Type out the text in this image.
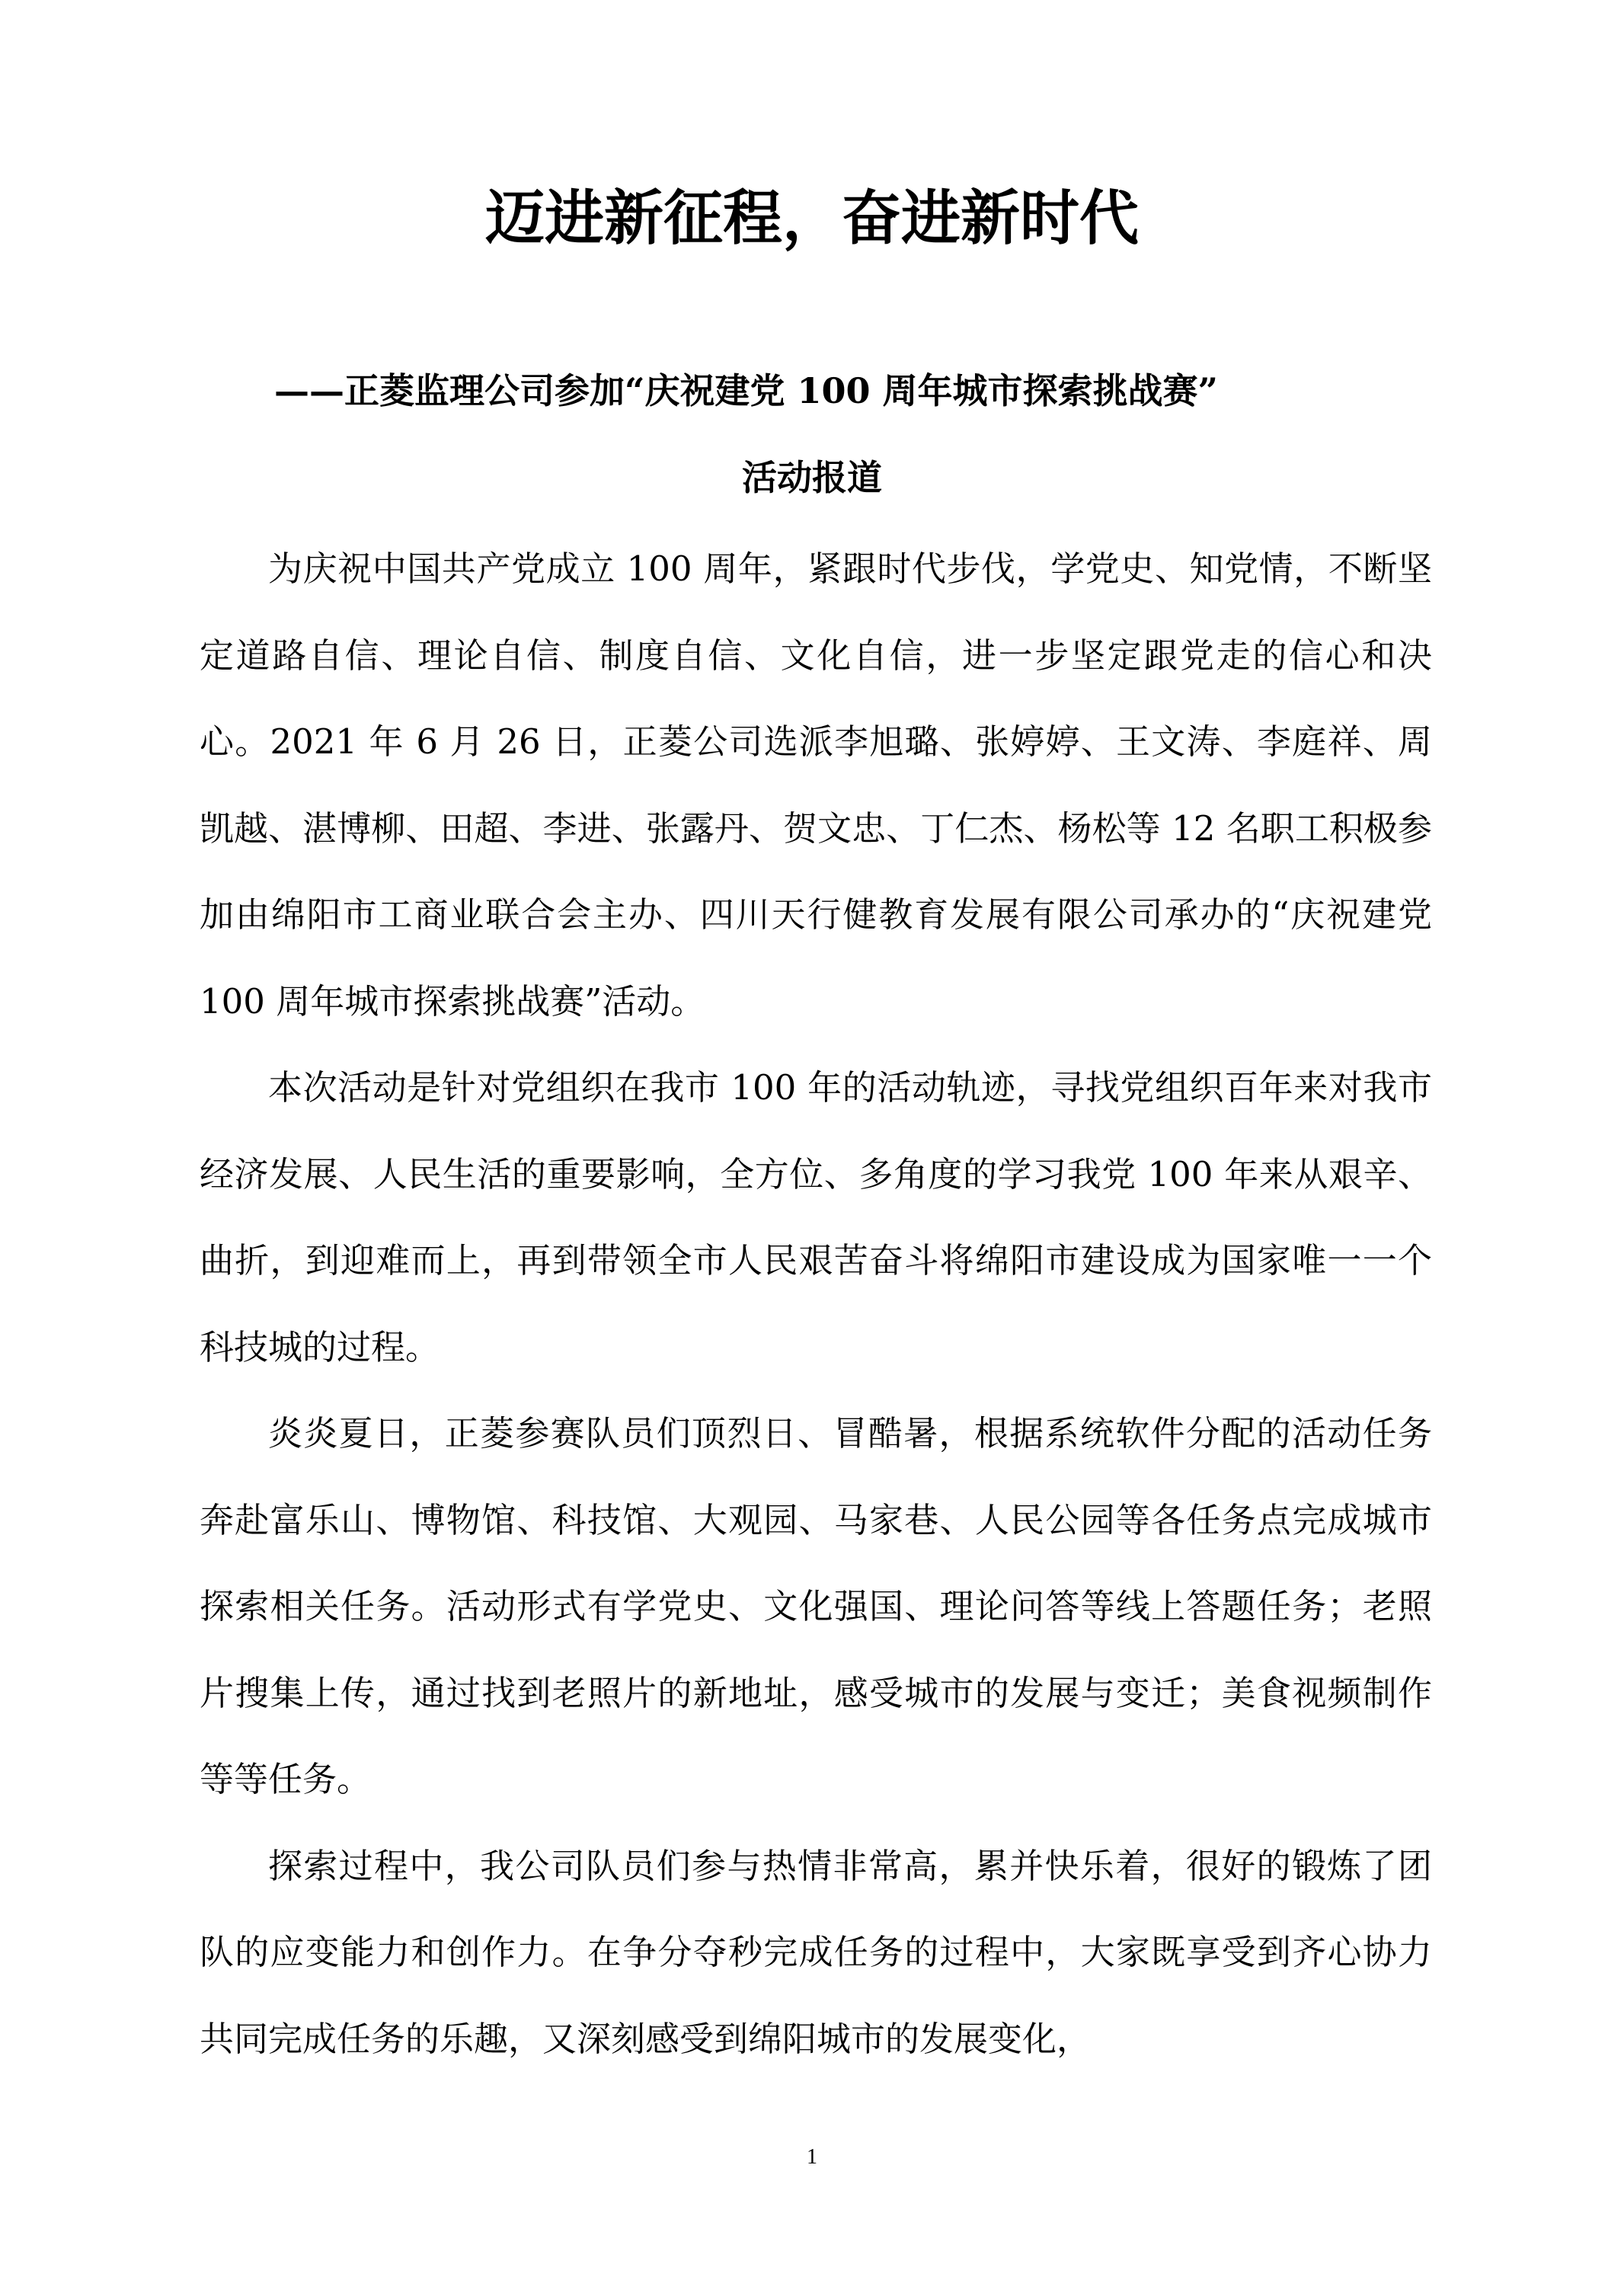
迈进新征程，奋进新时代
——正菱监理公司参加“庆祝建党 100 周年城市探索挑战赛”
活动报道

为庆祝中国共产党成立 100 周年，紧跟时代步伐，学党史、知党情，不断坚定道路自信、理论自信、制度自信、文化自信，进一步坚定跟党走的信心和决心。2021 年 6 月 26 日，正菱公司选派李旭璐、张婷婷、王文涛、李庭祥、周凯越、湛博柳、田超、李进、张露丹、贺文忠、丁仁杰、杨松等 12 名职工积极参加由绵阳市工商业联合会主办、四川天行健教育发展有限公司承办的“庆祝建党 100 周年城市探索挑战赛”活动。

本次活动是针对党组织在我市 100 年的活动轨迹，寻找党组织百年来对我市经济发展、人民生活的重要影响，全方位、多角度的学习我党 100 年来从艰辛、曲折，到迎难而上，再到带领全市人民艰苦奋斗将绵阳市建设成为国家唯一一个科技城的过程。

炎炎夏日，正菱参赛队员们顶烈日、冒酷暑，根据系统软件分配的活动任务奔赴富乐山、博物馆、科技馆、大观园、马家巷、人民公园等各任务点完成城市探索相关任务。活动形式有学党史、文化强国、理论问答等线上答题任务；老照片搜集上传，通过找到老照片的新地址，感受城市的发展与变迁；美食视频制作等等任务。

探索过程中，我公司队员们参与热情非常高，累并快乐着，很好的锻炼了团队的应变能力和创作力。在争分夺秒完成任务的过程中，大家既享受到齐心协力共同完成任务的乐趣，又深刻感受到绵阳城市的发展变化，

1
